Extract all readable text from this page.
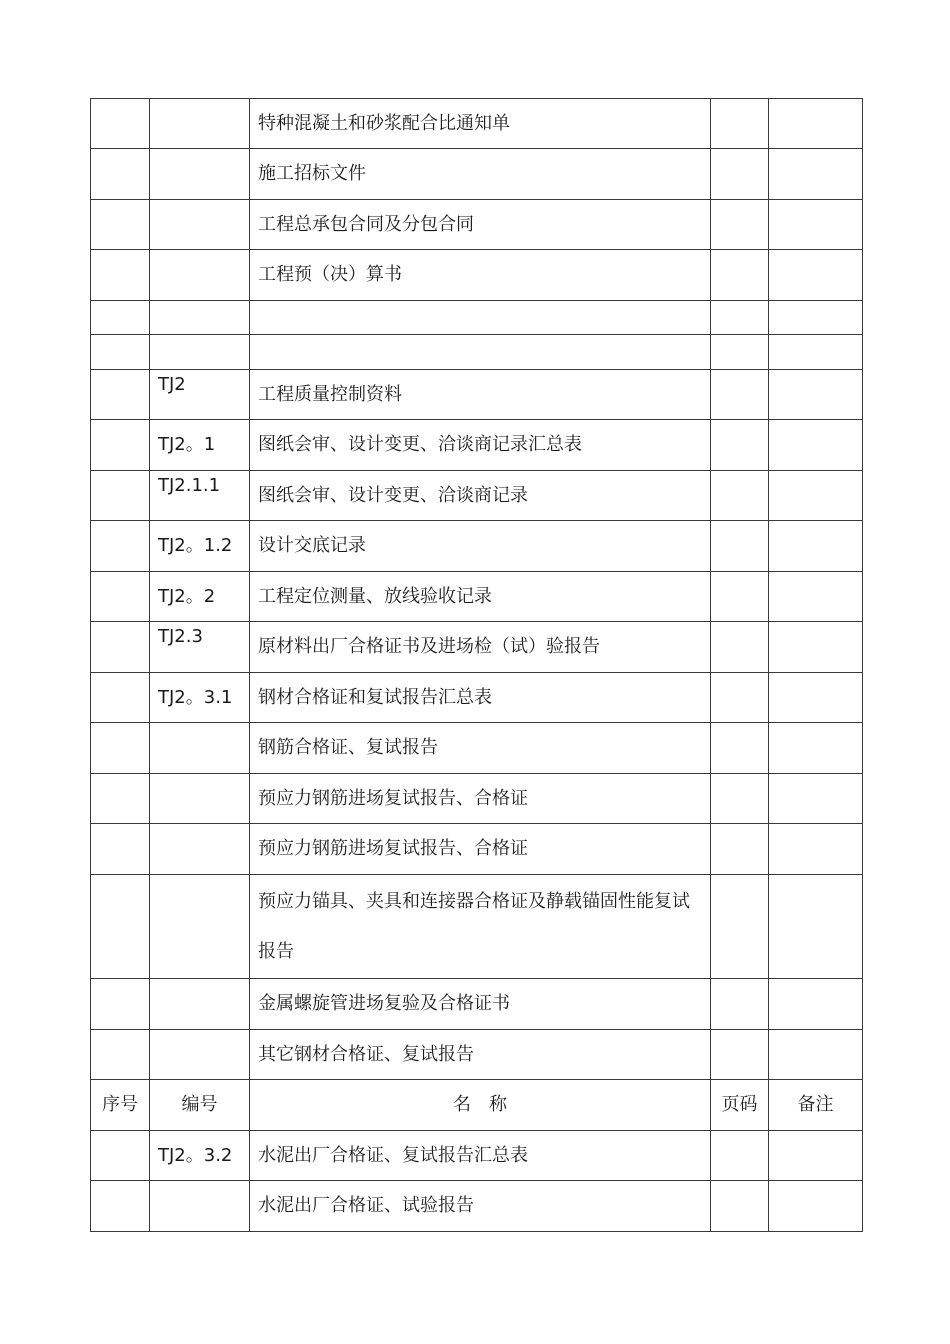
		特种混凝土和砂浆配合比通知单		
		施工招标文件		
		工程总承包合同及分包合同		
		工程预（决）算书		

	TJ2	工程质量控制资料		
	TJ2。1	图纸会审、设计变更、洽谈商记录汇总表		
	TJ2.1.1	图纸会审、设计变更、洽谈商记录		
	TJ2。1.2	设计交底记录		
	TJ2。2	工程定位测量、放线验收记录		
	TJ2.3	原材料出厂合格证书及进场检（试）验报告		
	TJ2。3.1	钢材合格证和复试报告汇总表		
		钢筋合格证、复试报告		
		预应力钢筋进场复试报告、合格证		
		预应力钢筋进场复试报告、合格证		
		预应力锚具、夹具和连接器合格证及静载锚固性能复试报告		
		金属螺旋管进场复验及合格证书		
		其它钢材合格证、复试报告		
序号	编号	名　称	页码	备注
	TJ2。3.2	水泥出厂合格证、复试报告汇总表		
		水泥出厂合格证、试验报告		
